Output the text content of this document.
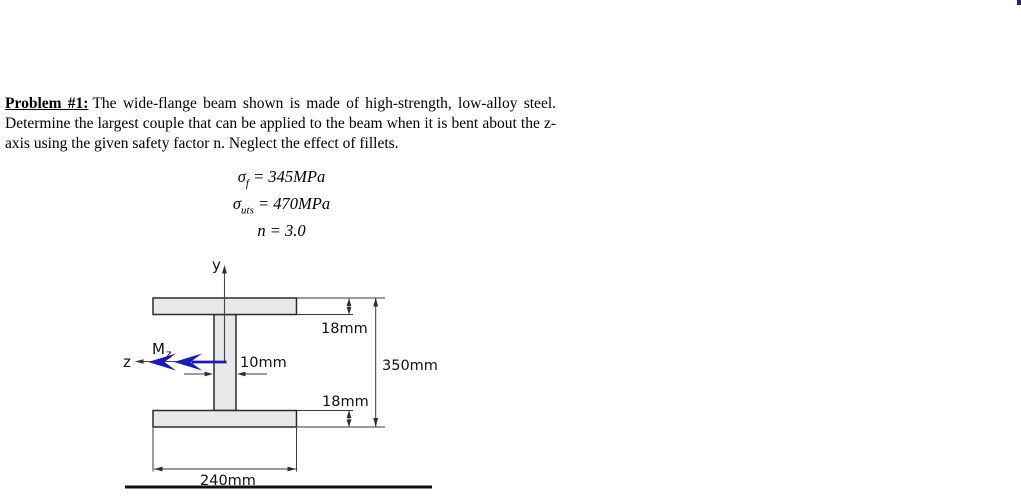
Problem #1: The wide-flange beam shown is made of high-strength, low-alloy steel.
Determine the largest couple that can be applied to the beam when it is bent about the z-
axis using the given safety factor n. Neglect the effect of fillets.
$\sigma_f = 345MPa$
$\sigma_{uts} = 470MPa$
n = 3.0
y
z
M z
10mm
18mm
350mm
18mm
240mm
